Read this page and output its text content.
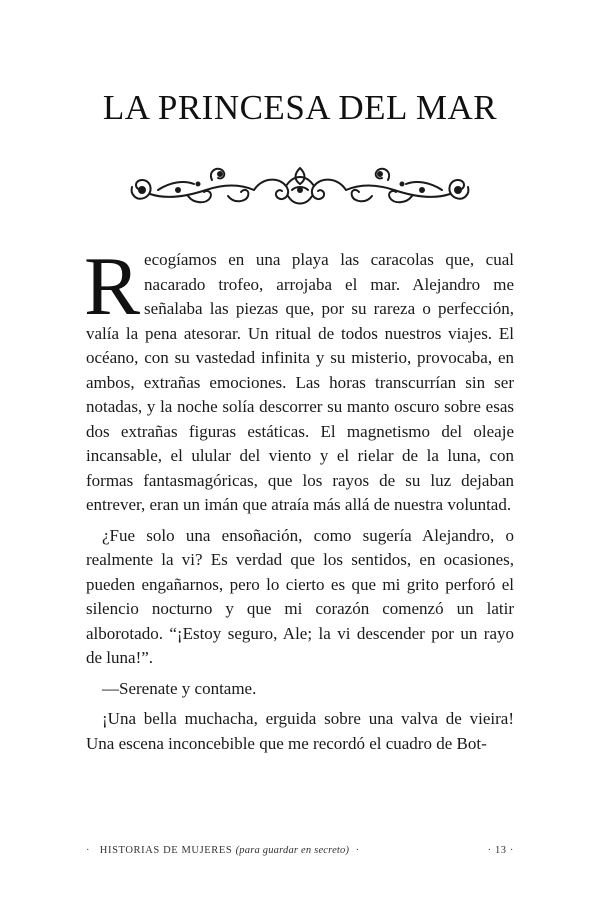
LA PRINCESA DEL MAR

Recogíamos en una playa las caracolas que, cual nacarado trofeo, arrojaba el mar. Alejandro me señalaba las piezas que, por su rareza o perfección, valía la pena atesorar. Un ritual de todos nuestros viajes. El océano, con su vastedad infinita y su misterio, provocaba, en ambos, extrañas emociones. Las horas transcurrían sin ser notadas, y la noche solía descorrer su manto oscuro sobre esas dos extrañas figuras estáticas. El magnetismo del oleaje incansable, el ulular del viento y el rielar de la luna, con formas fantasmagóricas, que los rayos de su luz dejaban entrever, eran un imán que atraía más allá de nuestra voluntad.

¿Fue solo una ensoñación, como sugería Alejandro, o realmente la vi? Es verdad que los sentidos, en ocasiones, pueden engañarnos, pero lo cierto es que mi grito perforó el silencio nocturno y que mi corazón comenzó un latir alborotado. “¡Estoy seguro, Ale; la vi descender por un rayo de luna!”.

—Serenate y contame.

¡Una bella muchacha, erguida sobre una valva de vieira! Una escena inconcebible que me recordó el cuadro de Bot-

· HISTORIAS DE MUJERES (para guardar en secreto) ·	· 13 ·
